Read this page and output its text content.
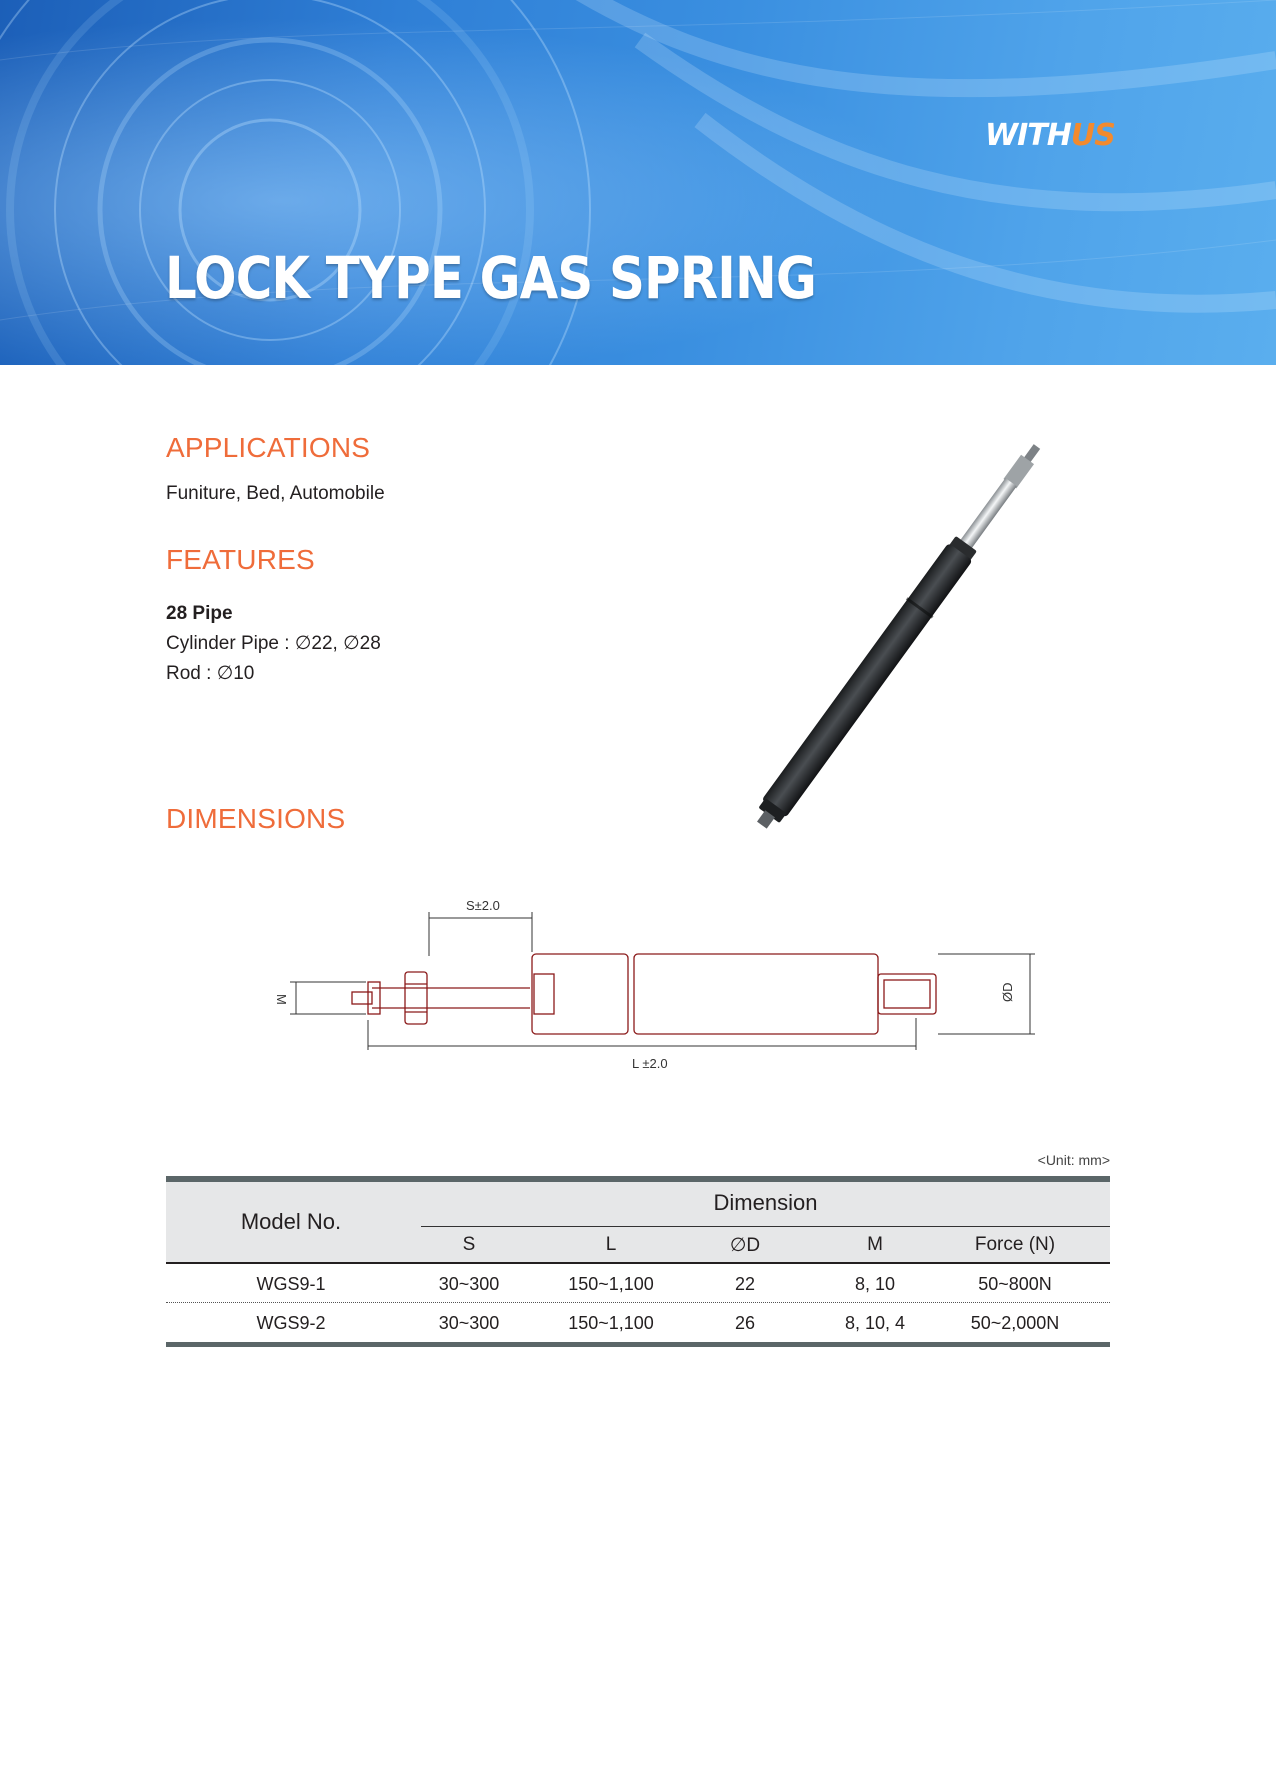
WITHUS
LOCK TYPE GAS SPRING
APPLICATIONS
Funiture, Bed, Automobile
FEATURES
28 Pipe
Cylinder Pipe : ∅22, ∅28
Rod : ∅10
DIMENSIONS
S±2.0
L ±2.0
M	ØD
<Unit: mm>
Model No.
Dimension
S	L	∅D	M	Force (N)
WGS9-1	30~300	150~1,100	22	8, 10	50~800N
WGS9-2	30~300	150~1,100	26	8, 10, 4	50~2,000N
